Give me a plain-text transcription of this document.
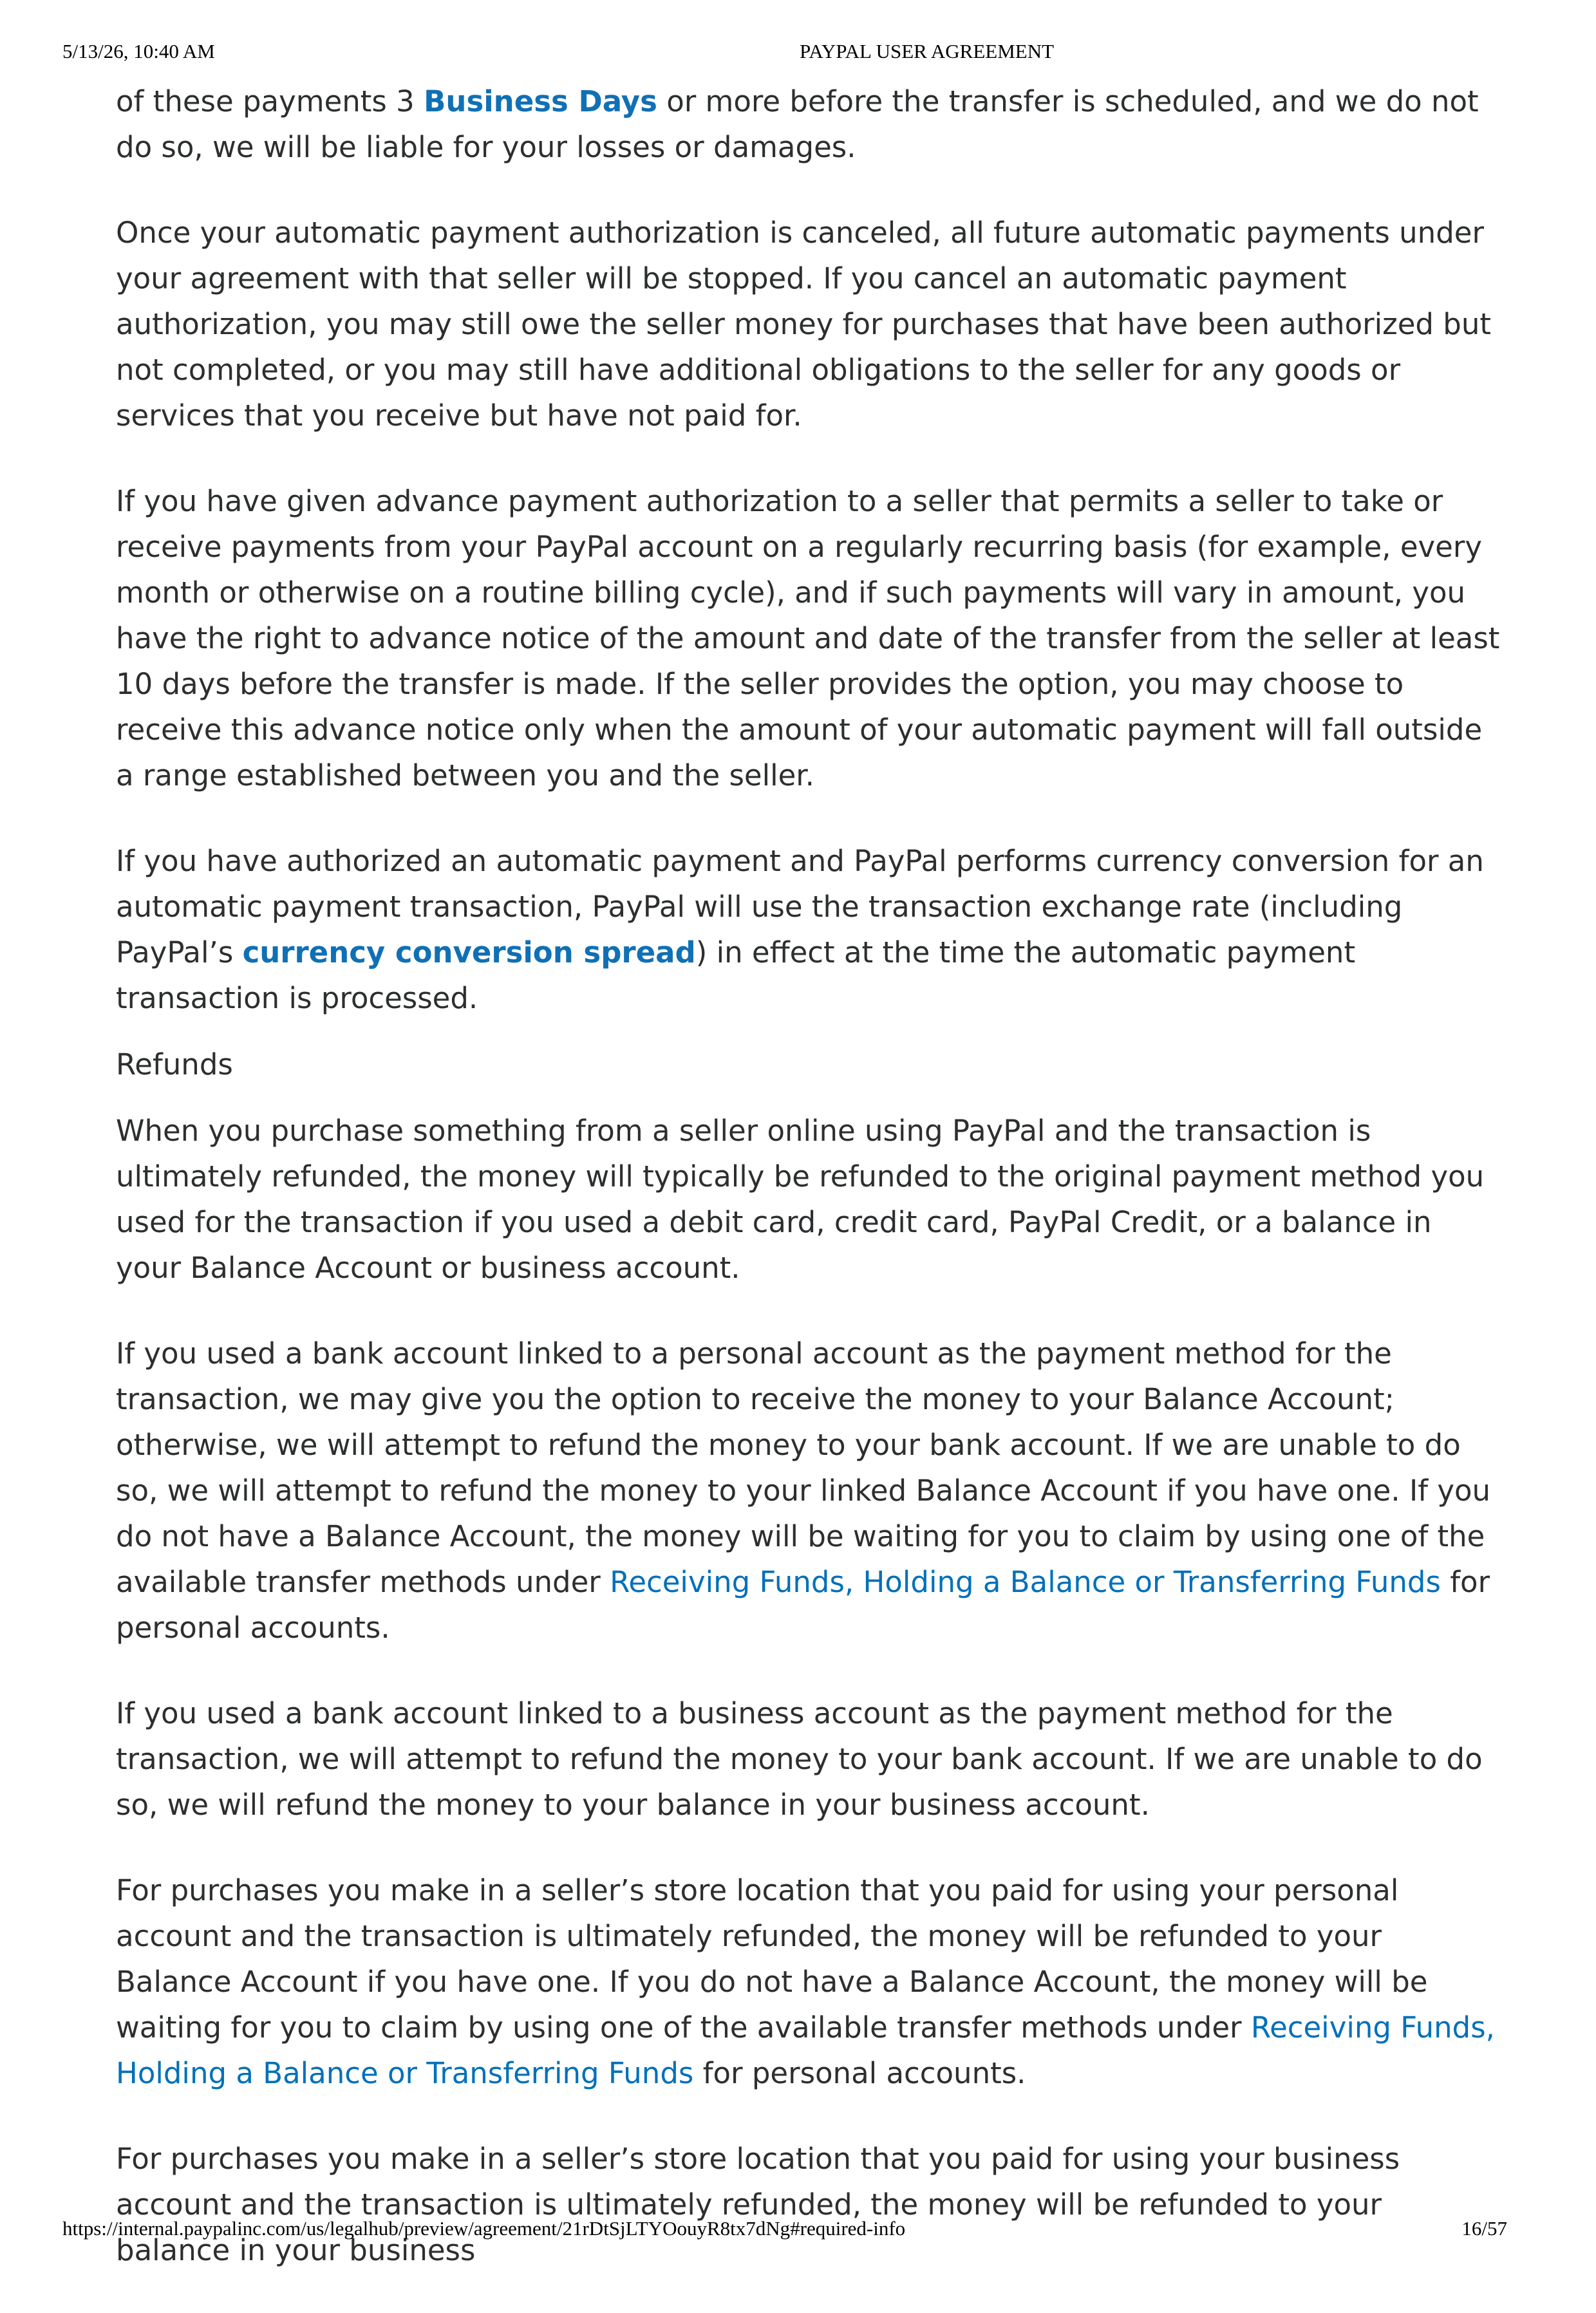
5/13/26, 10:40 AM	PAYPAL USER AGREEMENT

of these payments 3 Business Days or more before the transfer is scheduled, and we do not do so, we will be liable for your losses or damages.

Once your automatic payment authorization is canceled, all future automatic payments under your agreement with that seller will be stopped. If you cancel an automatic payment authorization, you may still owe the seller money for purchases that have been authorized but not completed, or you may still have additional obligations to the seller for any goods or services that you receive but have not paid for.

If you have given advance payment authorization to a seller that permits a seller to take or receive payments from your PayPal account on a regularly recurring basis (for example, every month or otherwise on a routine billing cycle), and if such payments will vary in amount, you have the right to advance notice of the amount and date of the transfer from the seller at least 10 days before the transfer is made. If the seller provides the option, you may choose to receive this advance notice only when the amount of your automatic payment will fall outside a range established between you and the seller.

If you have authorized an automatic payment and PayPal performs currency conversion for an automatic payment transaction, PayPal will use the transaction exchange rate (including PayPal’s currency conversion spread) in effect at the time the automatic payment transaction is processed.

Refunds

When you purchase something from a seller online using PayPal and the transaction is ultimately refunded, the money will typically be refunded to the original payment method you used for the transaction if you used a debit card, credit card, PayPal Credit, or a balance in your Balance Account or business account.

If you used a bank account linked to a personal account as the payment method for the transaction, we may give you the option to receive the money to your Balance Account; otherwise, we will attempt to refund the money to your bank account. If we are unable to do so, we will attempt to refund the money to your linked Balance Account if you have one. If you do not have a Balance Account, the money will be waiting for you to claim by using one of the available transfer methods under Receiving Funds, Holding a Balance or Transferring Funds for personal accounts.

If you used a bank account linked to a business account as the payment method for the transaction, we will attempt to refund the money to your bank account. If we are unable to do so, we will refund the money to your balance in your business account.

For purchases you make in a seller’s store location that you paid for using your personal account and the transaction is ultimately refunded, the money will be refunded to your Balance Account if you have one. If you do not have a Balance Account, the money will be waiting for you to claim by using one of the available transfer methods under Receiving Funds, Holding a Balance or Transferring Funds for personal accounts.

For purchases you make in a seller’s store location that you paid for using your business account and the transaction is ultimately refunded, the money will be refunded to your balance in your business

https://internal.paypalinc.com/us/legalhub/preview/agreement/21rDtSjLTYOouyR8tx7dNg#required-info	16/57
